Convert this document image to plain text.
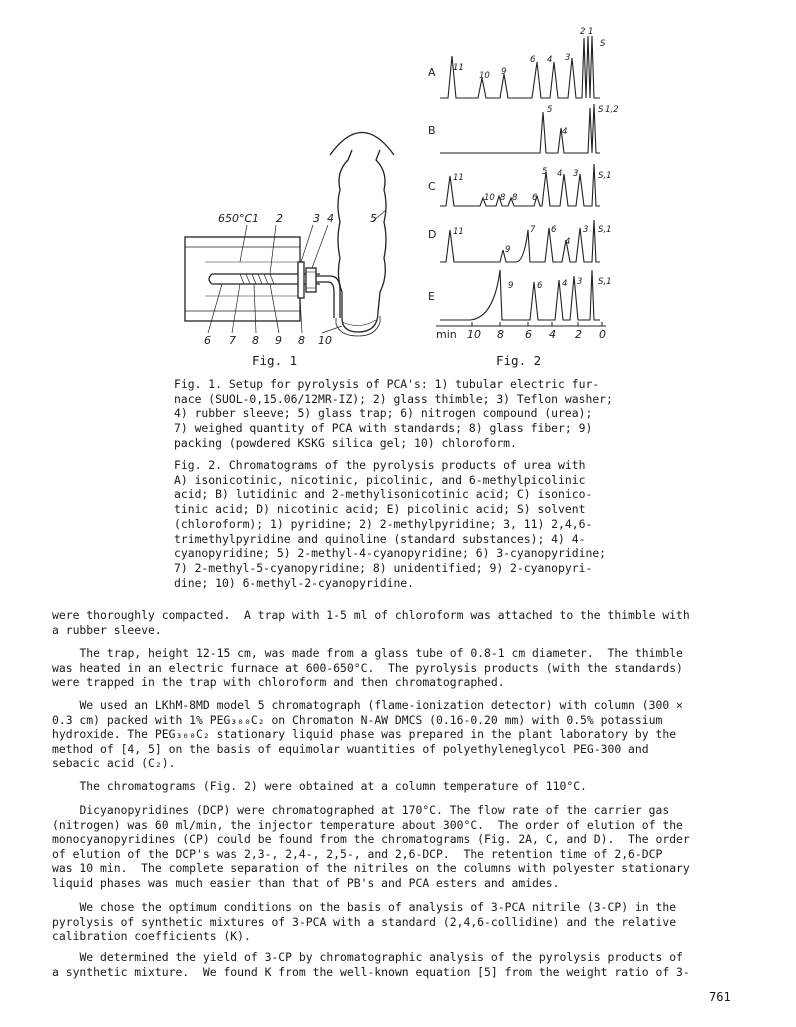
650°C 1 2	3 4	5
6 7 8 9 8 10
A
B
C
D
E
11
10 9
6 4 3
2 1
S
5
4
S 1,2
11
10 8 8 6
5 4 3 S,1
11
9
7 6
4
3 S,1
9	6 4 3 S,1
min 10 8 6 4 2 0
Fig. 1	Fig. 2
Fig. 1. Setup for pyrolysis of PCA's: 1) tubular electric fur-
nace (SUOL-0,15.06/12MR-IZ); 2) glass thimble; 3) Teflon washer;
4) rubber sleeve; 5) glass trap; 6) nitrogen compound (urea);
7) weighed quantity of PCA with standards; 8) glass fiber; 9)
packing (powdered KSKG silica gel; 10) chloroform.
Fig. 2. Chromatograms of the pyrolysis products of urea with
A) isonicotinic, nicotinic, picolinic, and 6-methylpicolinic
acid; B) lutidinic and 2-methylisonicotinic acid; C) isonico-
tinic acid; D) nicotinic acid; E) picolinic acid; S) solvent
(chloroform); 1) pyridine; 2) 2-methylpyridine; 3, 11) 2,4,6-
trimethylpyridine and quinoline (standard substances); 4) 4-
cyanopyridine; 5) 2-methyl-4-cyanopyridine; 6) 3-cyanopyridine;
7) 2-methyl-5-cyanopyridine; 8) unidentified; 9) 2-cyanopyri-
dine; 10) 6-methyl-2-cyanopyridine.
were thoroughly compacted.  A trap with 1-5 ml of chloroform was attached to the thimble with
a rubber sleeve.
The trap, height 12-15 cm, was made from a glass tube of 0.8-1 cm diameter.  The thimble
was heated in an electric furnace at 600-650°C.  The pyrolysis products (with the standards)
were trapped in the trap with chloroform and then chromatographed.
We used an LKhM-8MD model 5 chromatograph (flame-ionization detector) with column (300 ×
0.3 cm) packed with 1% PEG₃₀₀C₂ on Chromaton N-AW DMCS (0.16-0.20 mm) with 0.5% potassium
hydroxide. The PEG₃₀₀C₂ stationary liquid phase was prepared in the plant laboratory by the
method of [4, 5] on the basis of equimolar wuantities of polyethyleneglycol PEG-300 and
sebacic acid (C₂).
The chromatograms (Fig. 2) were obtained at a column temperature of 110°C.
Dicyanopyridines (DCP) were chromatographed at 170°C. The flow rate of the carrier gas
(nitrogen) was 60 ml/min, the injector temperature about 300°C.  The order of elution of the
monocyanopyridines (CP) could be found from the chromatograms (Fig. 2A, C, and D).  The order
of elution of the DCP's was 2,3-, 2,4-, 2,5-, and 2,6-DCP.  The retention time of 2,6-DCP
was 10 min.  The complete separation of the nitriles on the columns with polyester stationary
liquid phases was much easier than that of PB's and PCA esters and amides.
We chose the optimum conditions on the basis of analysis of 3-PCA nitrile (3-CP) in the
pyrolysis of synthetic mixtures of 3-PCA with a standard (2,4,6-collidine) and the relative
calibration coefficients (K).
We determined the yield of 3-CP by chromatographic analysis of the pyrolysis products of
a synthetic mixture.  We found K from the well-known equation [5] from the weight ratio of 3-
761
